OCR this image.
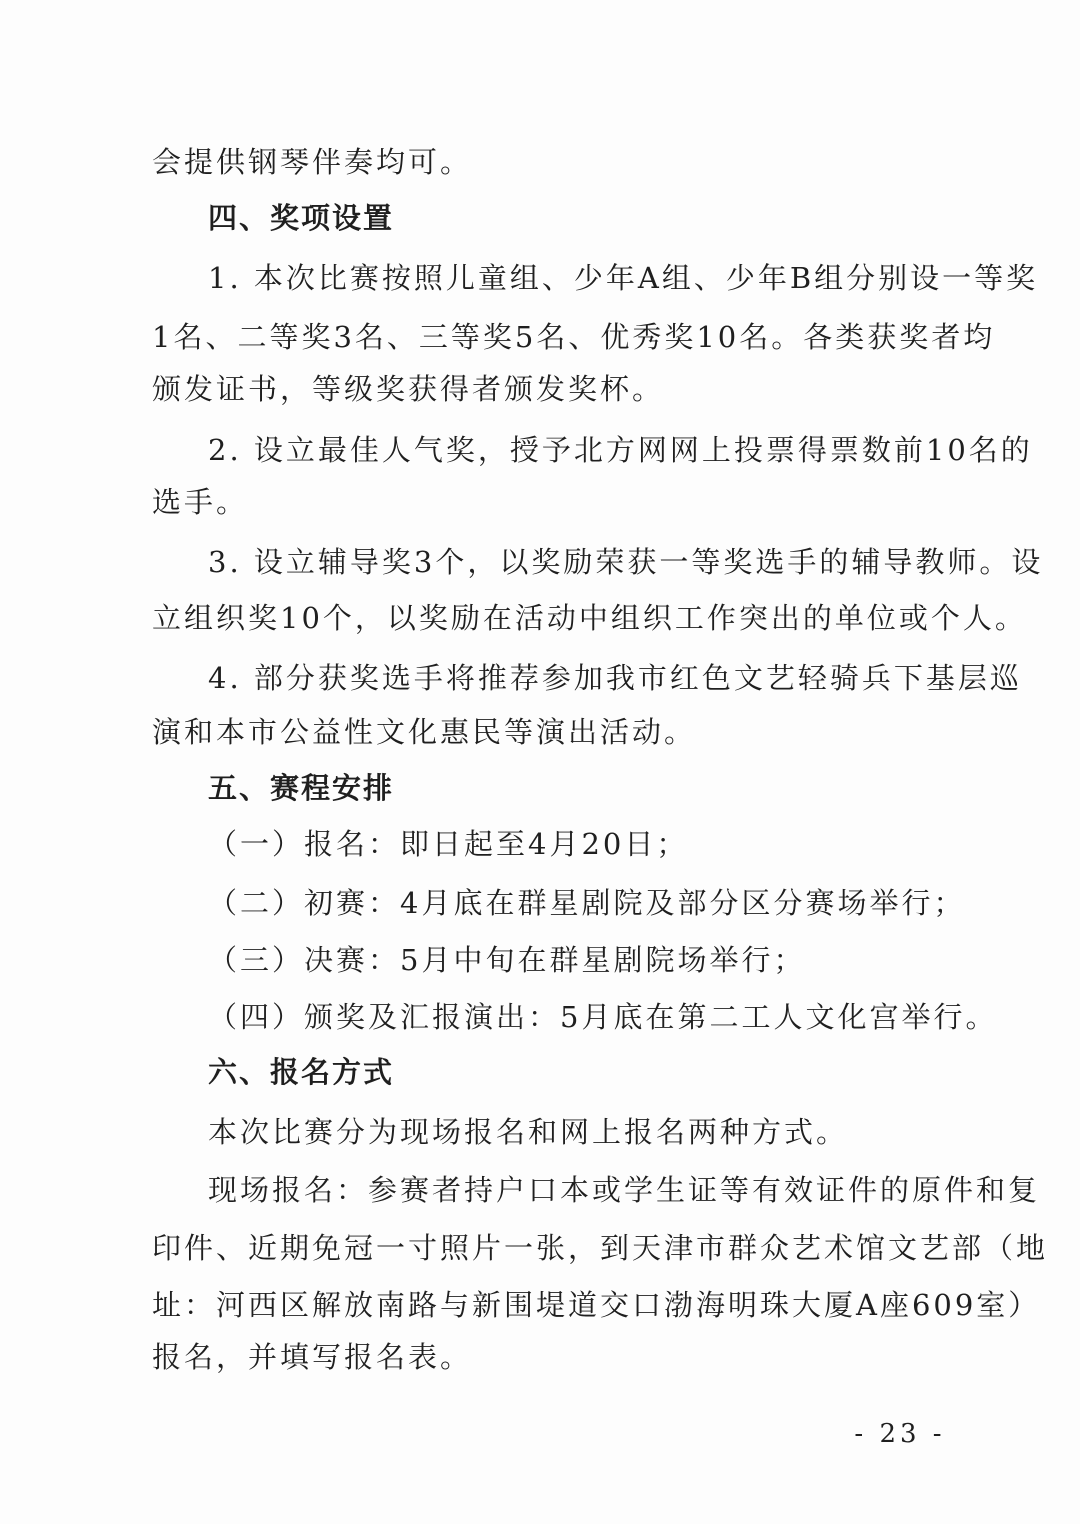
会提供钢琴伴奏均可。
四、奖项设置
1. 本次比赛按照儿童组、少年A组、少年B组分别设一等奖
1名、二等奖3名、三等奖5名、优秀奖10名。各类获奖者均
颁发证书，等级奖获得者颁发奖杯。
2. 设立最佳人气奖，授予北方网网上投票得票数前10名的
选手。
3. 设立辅导奖3个，以奖励荣获一等奖选手的辅导教师。设
立组织奖10个，以奖励在活动中组织工作突出的单位或个人。
4. 部分获奖选手将推荐参加我市红色文艺轻骑兵下基层巡
演和本市公益性文化惠民等演出活动。
五、赛程安排
（一）报名：即日起至4月20日；
（二）初赛：4月底在群星剧院及部分区分赛场举行；
（三）决赛：5月中旬在群星剧院场举行；
（四）颁奖及汇报演出：5月底在第二工人文化宫举行。
六、报名方式
本次比赛分为现场报名和网上报名两种方式。
现场报名：参赛者持户口本或学生证等有效证件的原件和复
印件、近期免冠一寸照片一张，到天津市群众艺术馆文艺部（地
址：河西区解放南路与新围堤道交口渤海明珠大厦A座609室）
报名，并填写报名表。
- 23 -
